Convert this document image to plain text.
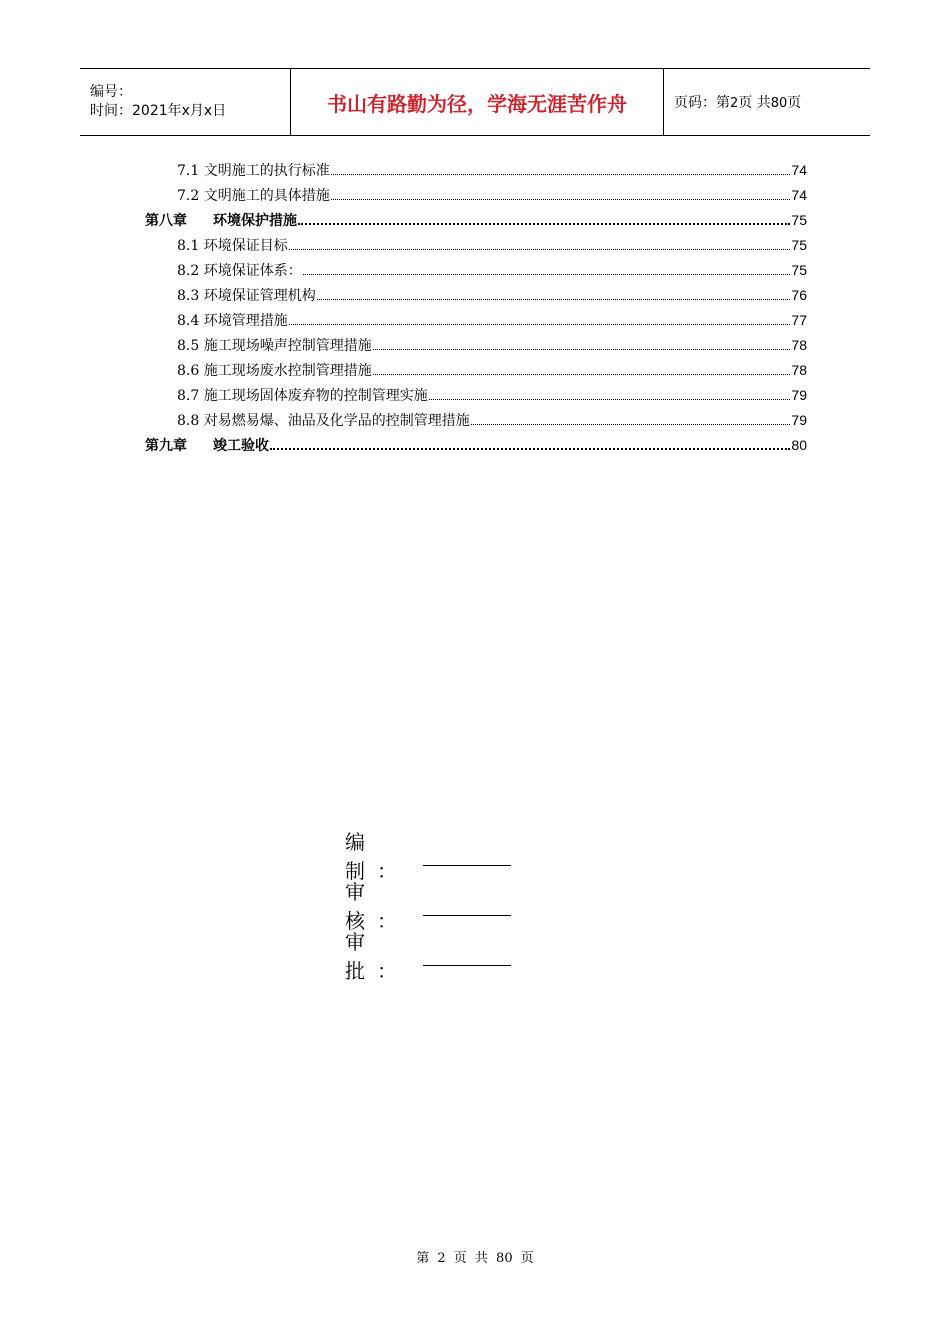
编号：
时间：2021年x月x日	书山有路勤为径，学海无涯苦作舟	页码：第2页 共80页
7.1 文明施工的执行标准	74
7.2 文明施工的具体措施	74
第八章 环境保护措施	75
8.1 环境保证目标	75
8.2 环境保证体系：	75
8.3 环境保证管理机构	76
8.4 环境管理措施	77
8.5 施工现场噪声控制管理措施	78
8.6 施工现场废水控制管理措施	78
8.7 施工现场固体废弃物的控制管理实施	79
8.8 对易燃易爆、油品及化学品的控制管理措施	79
第九章 竣工验收	80
编制：
审核：
审批：
第 2 页 共 80 页
